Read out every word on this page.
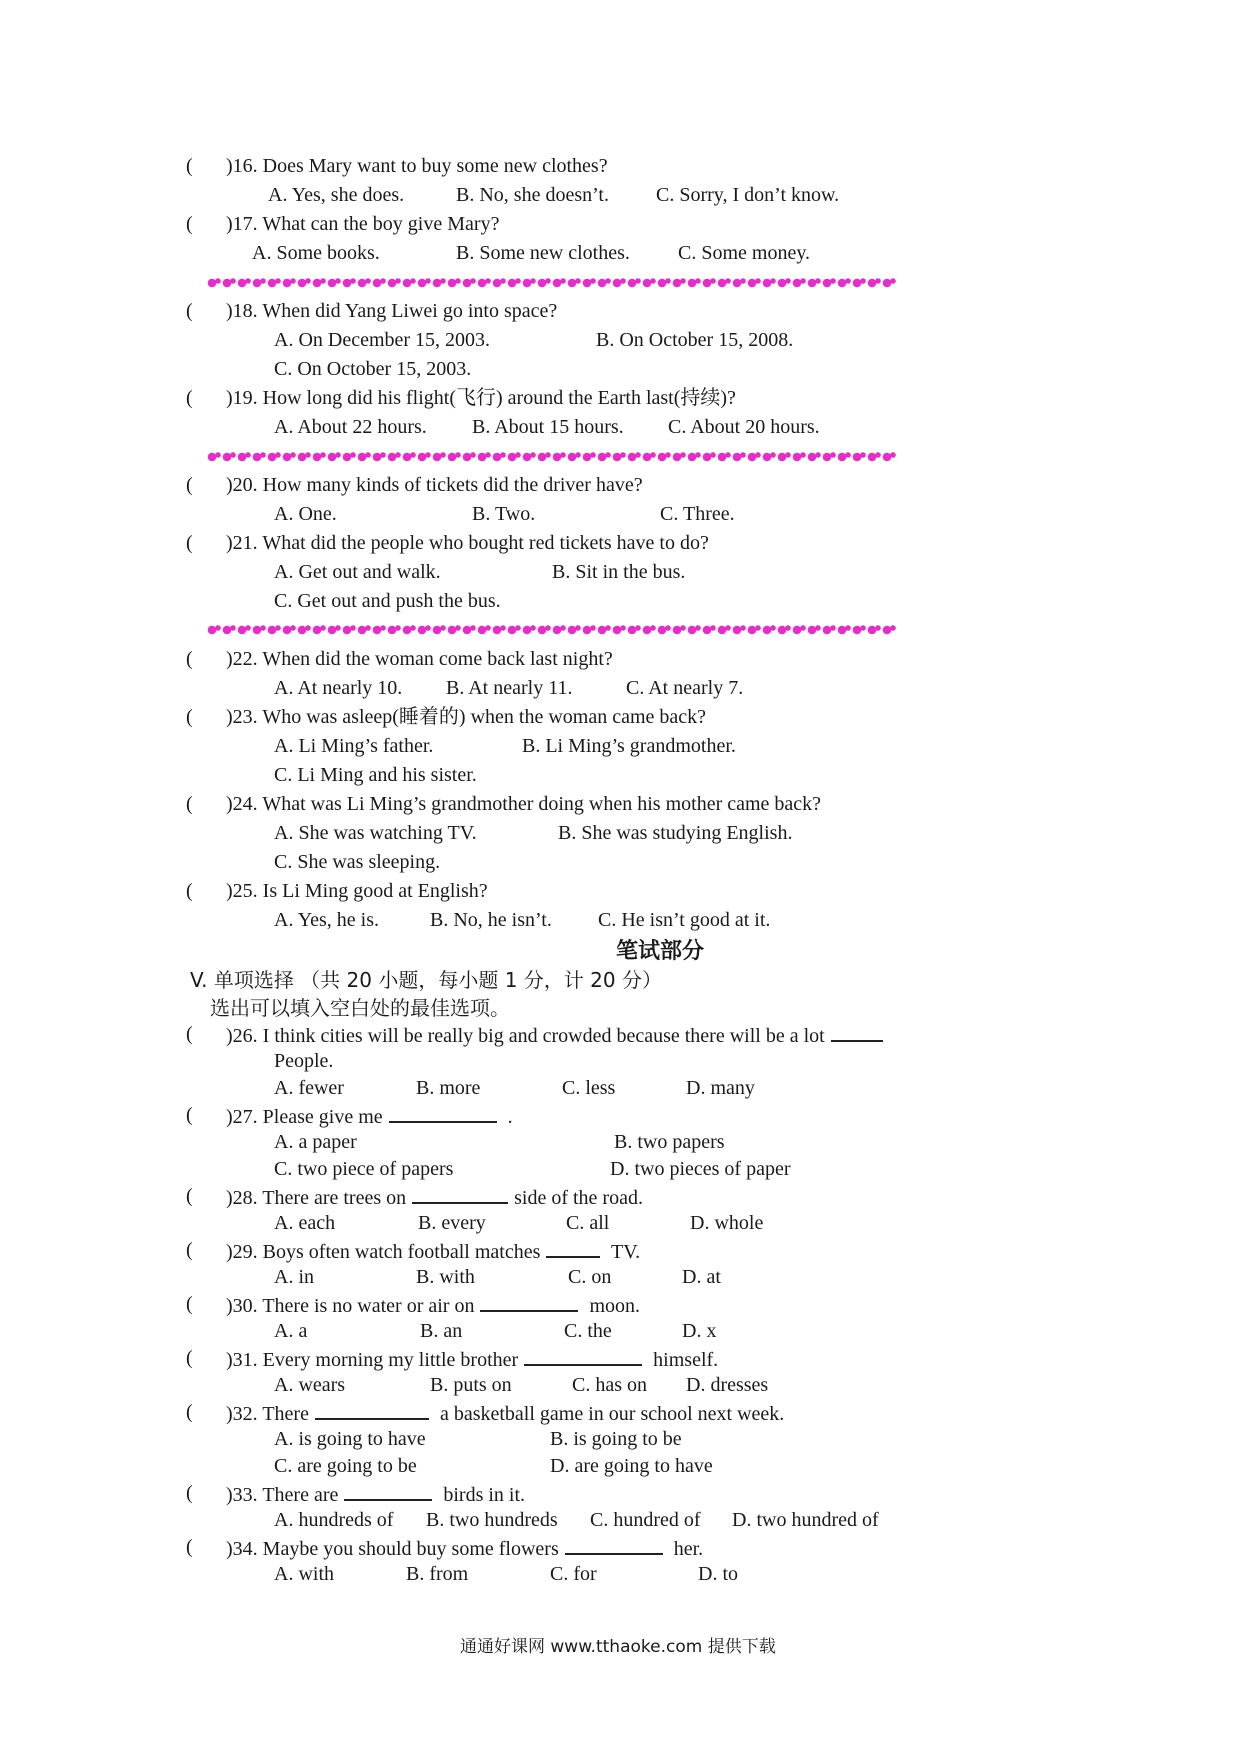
( )16. Does Mary want to buy some new clothes?
A. Yes, she does.	B. No, she doesn’t. C. Sorry, I don’t know.
( )17. What can the boy give Mary?
A. Some books.	B. Some new clothes. C. Some money.
( )18. When did Yang Liwei go into space?
A. On December 15, 2003.	B. On October 15, 2008.
C. On October 15, 2003.
( )19. How long did his flight(飞行) around the Earth last(持续)?
A. About 22 hours. B. About 15 hours. C. About 20 hours.
( )20. How many kinds of tickets did the driver have?
A. One.	B. Two.	C. Three.
( )21. What did the people who bought red tickets have to do?
A. Get out and walk.	B. Sit in the bus.
C. Get out and push the bus.
( )22. When did the woman come back last night?
A. At nearly 10. B. At nearly 11.	C. At nearly 7.
( )23. Who was asleep(睡着的) when the woman came back?
A. Li Ming’s father.	B. Li Ming’s grandmother.
C. Li Ming and his sister.
( )24. What was Li Ming’s grandmother doing when his mother came back?
A. She was watching TV.	B. She was studying English.
C. She was sleeping.
( )25. Is Li Ming good at English?
A. Yes, he is.	B. No, he isn’t. C. He isn’t good at it.
笔试部分
V. 单项选择 （共 20 小题，每小题 1 分，计 20 分）
选出可以填入空白处的最佳选项。
( )26. I think cities will be really big and crowded because there will be a lot
People.
A. fewer	B. more	C. less	D. many
( )27. Please give me	.
A. a paper	B. two papers
C. two piece of papers	D. two pieces of paper
( )28. There are trees on	side of the road.
A. each	B. every	C. all	D. whole
( )29. Boys often watch football matches	TV.
A. in	B. with	C. on	D. at
( )30. There is no water or air on	moon.
A. a	B. an	C. the	D. x
( )31. Every morning my little brother	himself.
A. wears	B. puts on	C. has on D. dresses
( )32. There	a basketball game in our school next week.
A. is going to have	B. is going to be
C. are going to be	D. are going to have
( )33. There are	birds in it.
A. hundreds of B. two hundreds C. hundred of D. two hundred of
( )34. Maybe you should buy some flowers	her.
A. with	B. from	C. for	D. to
通通好课网 www.tthaoke.com 提供下载
